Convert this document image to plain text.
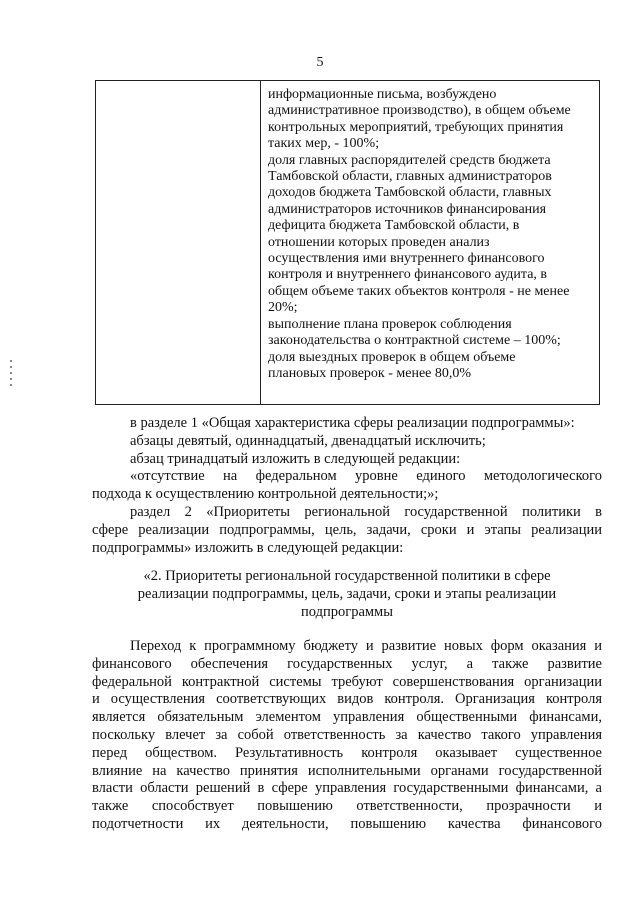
5
информационные письма, возбуждено
административное производство), в общем объеме
контрольных мероприятий, требующих принятия
таких мер, - 100%;
доля главных распорядителей средств бюджета
Тамбовской области, главных администраторов
доходов бюджета Тамбовской области, главных
администраторов источников финансирования
дефицита бюджета Тамбовской области, в
отношении которых проведен анализ
осуществления ими внутреннего финансового
контроля и внутреннего финансового аудита, в
общем объеме таких объектов контроля - не менее
20%;
выполнение плана проверок соблюдения
законодательства о контрактной системе – 100%;
доля выездных проверок в общем объеме
плановых проверок - менее 80,0%
в разделе 1 «Общая характеристика сферы реализации подпрограммы»:
абзацы девятый, одиннадцатый, двенадцатый исключить;
абзац тринадцатый изложить в следующей редакции:
«отсутствие на федеральном уровне единого методологического
подхода к осуществлению контрольной деятельности;»;
раздел 2 «Приоритеты региональной государственной политики в
сфере реализации подпрограммы, цель, задачи, сроки и этапы реализации
подпрограммы» изложить в следующей редакции:
«2. Приоритеты региональной государственной политики в сфере
реализации подпрограммы, цель, задачи, сроки и этапы реализации
подпрограммы
Переход к программному бюджету и развитие новых форм оказания и
финансового обеспечения государственных услуг, а также развитие
федеральной контрактной системы требуют совершенствования организации
и осуществления соответствующих видов контроля. Организация контроля
является обязательным элементом управления общественными финансами,
поскольку влечет за собой ответственность за качество такого управления
перед обществом. Результативность контроля оказывает существенное
влияние на качество принятия исполнительными органами государственной
власти области решений в сфере управления государственными финансами, а
также способствует повышению ответственности, прозрачности и
подотчетности их деятельности, повышению качества финансового
